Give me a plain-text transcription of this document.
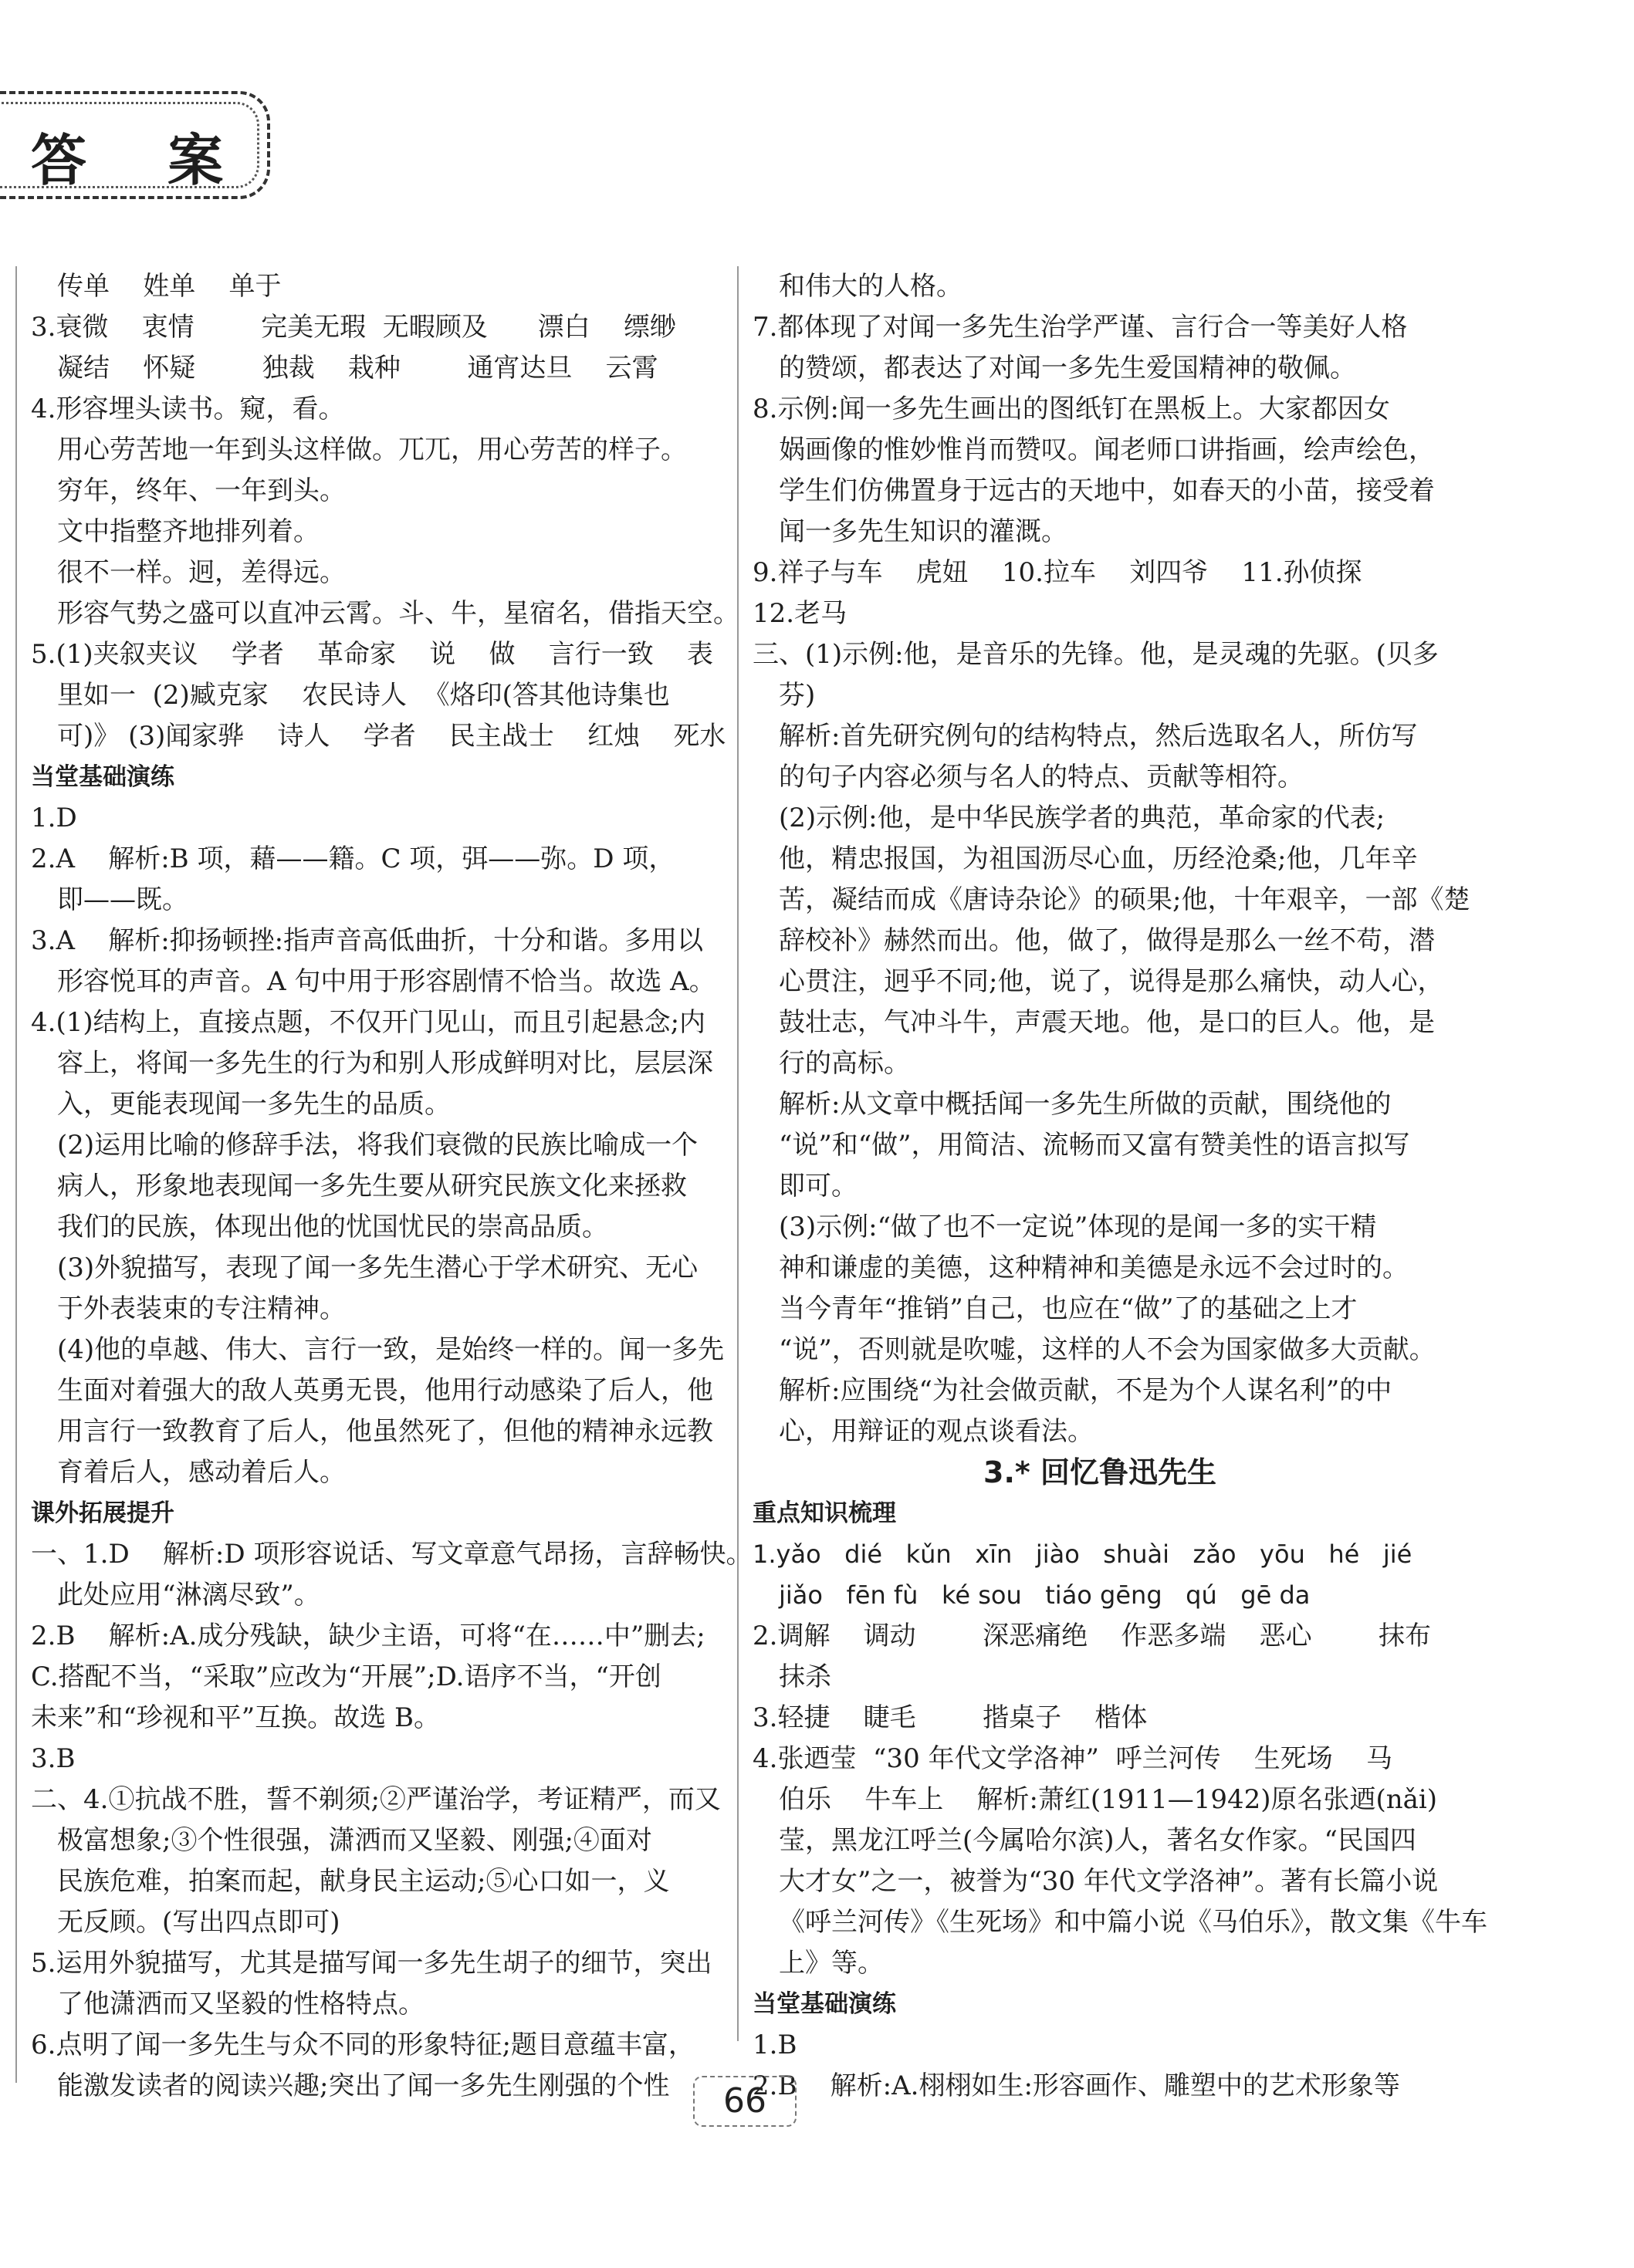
答 案
传单    姓单    单于
3.衰微    衷情        完美无瑕  无暇顾及      漂白    缥缈
凝结    怀疑        独裁    栽种        通宵达旦    云霄
4.形容埋头读书。窥，看。
用心劳苦地一年到头这样做。兀兀，用心劳苦的样子。
穷年，终年、一年到头。
文中指整齐地排列着。
很不一样。迥，差得远。
形容气势之盛可以直冲云霄。斗、牛，星宿名，借指天空。
5.(1)夹叙夹议    学者    革命家    说    做    言行一致    表
里如一  (2)臧克家    农民诗人  《烙印(答其他诗集也
可)》 (3)闻家骅    诗人    学者    民主战士    红烛    死水
当堂基础演练
1.D
2.A    解析:B 项，藉——籍。C 项，弭——弥。D 项，
即——既。
3.A    解析:抑扬顿挫:指声音高低曲折，十分和谐。多用以
形容悦耳的声音。A 句中用于形容剧情不恰当。故选 A。
4.(1)结构上，直接点题，不仅开门见山，而且引起悬念;内
容上，将闻一多先生的行为和别人形成鲜明对比，层层深
入，更能表现闻一多先生的品质。
(2)运用比喻的修辞手法，将我们衰微的民族比喻成一个
病人，形象地表现闻一多先生要从研究民族文化来拯救
我们的民族，体现出他的忧国忧民的崇高品质。
(3)外貌描写，表现了闻一多先生潜心于学术研究、无心
于外表装束的专注精神。
(4)他的卓越、伟大、言行一致，是始终一样的。闻一多先
生面对着强大的敌人英勇无畏，他用行动感染了后人，他
用言行一致教育了后人，他虽然死了，但他的精神永远教
育着后人，感动着后人。
课外拓展提升
一、1.D    解析:D 项形容说话、写文章意气昂扬，言辞畅快。
此处应用“淋漓尽致”。
2.B    解析:A.成分残缺，缺少主语，可将“在……中”删去;
C.搭配不当，“采取”应改为“开展”;D.语序不当，“开创
未来”和“珍视和平”互换。故选 B。
3.B
二、4.①抗战不胜，誓不剃须;②严谨治学，考证精严，而又
极富想象;③个性很强，潇洒而又坚毅、刚强;④面对
民族危难，拍案而起，献身民主运动;⑤心口如一，义
无反顾。(写出四点即可)
5.运用外貌描写，尤其是描写闻一多先生胡子的细节，突出
了他潇洒而又坚毅的性格特点。
6.点明了闻一多先生与众不同的形象特征;题目意蕴丰富，
能激发读者的阅读兴趣;突出了闻一多先生刚强的个性
和伟大的人格。
7.都体现了对闻一多先生治学严谨、言行合一等美好人格
的赞颂，都表达了对闻一多先生爱国精神的敬佩。
8.示例:闻一多先生画出的图纸钉在黑板上。大家都因女
娲画像的惟妙惟肖而赞叹。闻老师口讲指画，绘声绘色，
学生们仿佛置身于远古的天地中，如春天的小苗，接受着
闻一多先生知识的灌溉。
9.祥子与车    虎妞    10.拉车    刘四爷    11.孙侦探
12.老马
三、(1)示例:他，是音乐的先锋。他，是灵魂的先驱。(贝多
芬)
解析:首先研究例句的结构特点，然后选取名人，所仿写
的句子内容必须与名人的特点、贡献等相符。
(2)示例:他，是中华民族学者的典范，革命家的代表;
他，精忠报国，为祖国沥尽心血，历经沧桑;他，几年辛
苦，凝结而成《唐诗杂论》的硕果;他，十年艰辛，一部《楚
辞校补》赫然而出。他，做了，做得是那么一丝不苟，潜
心贯注，迥乎不同;他，说了，说得是那么痛快，动人心，
鼓壮志，气冲斗牛，声震天地。他，是口的巨人。他，是
行的高标。
解析:从文章中概括闻一多先生所做的贡献，围绕他的
“说”和“做”，用简洁、流畅而又富有赞美性的语言拟写
即可。
(3)示例:“做了也不一定说”体现的是闻一多的实干精
神和谦虚的美德，这种精神和美德是永远不会过时的。
当今青年“推销”自己，也应在“做”了的基础之上才
“说”，否则就是吹嘘，这样的人不会为国家做多大贡献。
解析:应围绕“为社会做贡献，不是为个人谋名利”的中
心，用辩证的观点谈看法。
3.* 回忆鲁迅先生
重点知识梳理
1.yǎo   dié   kǔn   xīn   jiào   shuài   zǎo   yōu   hé   jié
jiǎo   fēn fù   ké sou   tiáo gēng   qú   gē da
2.调解    调动        深恶痛绝    作恶多端    恶心        抹布
抹杀
3.轻捷    睫毛        揩桌子    楷体
4.张迺莹  “30 年代文学洛神”  呼兰河传    生死场    马
伯乐    牛车上    解析:萧红(1911—1942)原名张迺(nǎi)
莹，黑龙江呼兰(今属哈尔滨)人，著名女作家。“民国四
大才女”之一，被誉为“30 年代文学洛神”。著有长篇小说
《呼兰河传》《生死场》和中篇小说《马伯乐》，散文集《牛车
上》等。
当堂基础演练
1.B
2.B    解析:A.栩栩如生:形容画作、雕塑中的艺术形象等
66
